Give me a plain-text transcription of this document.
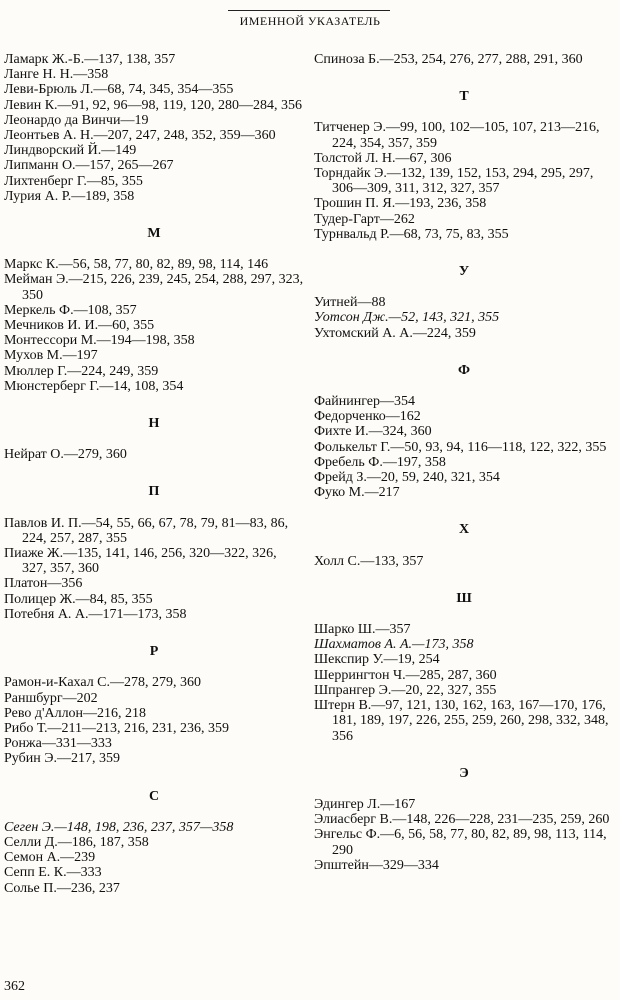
ИМЕННОЙ УКАЗАТЕЛЬ
Ламарк Ж.-Б.—137, 138, 357
Ланге Н. Н.—358
Леви-Брюль Л.—68, 74, 345, 354—355
Левин К.—91, 92, 96—98, 119, 120, 280—284, 356
Леонардо да Винчи—19
Леонтьев А. Н.—207, 247, 248, 352, 359—360
Линдворский Й.—149
Липманн О.—157, 265—267
Лихтенберг Г.—85, 355
Лурия А. Р.—189, 358
М
Маркс К.—56, 58, 77, 80, 82, 89, 98, 114, 146
Мейман Э.—215, 226, 239, 245, 254, 288, 297, 323, 350
Меркель Ф.—108, 357
Мечников И. И.—60, 355
Монтессори М.—194—198, 358
Мухов М.—197
Мюллер Г.—224, 249, 359
Мюнстерберг Г.—14, 108, 354
Н
Нейрат О.—279, 360
П
Павлов И. П.—54, 55, 66, 67, 78, 79, 81—83, 86, 224, 257, 287, 355
Пиаже Ж.—135, 141, 146, 256, 320—322, 326, 327, 357, 360
Платон—356
Полицер Ж.—84, 85, 355
Потебня А. А.—171—173, 358
Р
Рамон-и-Кахал С.—278, 279, 360
Раншбург—202
Рево д'Аллон—216, 218
Рибо Т.—211—213, 216, 231, 236, 359
Ронжа—331—333
Рубин Э.—217, 359
С
Сеген Э.—148, 198, 236, 237, 357—358
Селли Д.—186, 187, 358
Семон А.—239
Сепп Е. К.—333
Солье П.—236, 237
Спиноза Б.—253, 254, 276, 277, 288, 291, 360
Т
Титченер Э.—99, 100, 102—105, 107, 213—216, 224, 354, 357, 359
Толстой Л. Н.—67, 306
Торндайк Э.—132, 139, 152, 153, 294, 295, 297, 306—309, 311, 312, 327, 357
Трошин П. Я.—193, 236, 358
Тудер-Гарт—262
Турнвальд Р.—68, 73, 75, 83, 355
У
Уитней—88
Уотсон Дж.—52, 143, 321, 355
Ухтомский А. А.—224, 359
Ф
Файнингер—354
Федорченко—162
Фихте И.—324, 360
Фолькельт Г.—50, 93, 94, 116—118, 122, 322, 355
Фребель Ф.—197, 358
Фрейд З.—20, 59, 240, 321, 354
Фуко М.—217
Х
Холл С.—133, 357
Ш
Шарко Ш.—357
Шахматов А. А.—173, 358
Шекспир У.—19, 254
Шеррингтон Ч.—285, 287, 360
Шпрангер Э.—20, 22, 327, 355
Штерн В.—97, 121, 130, 162, 163, 167—170, 176, 181, 189, 197, 226, 255, 259, 260, 298, 332, 348, 356
Э
Эдингер Л.—167
Элиасберг В.—148, 226—228, 231—235, 259, 260
Энгельс Ф.—6, 56, 58, 77, 80, 82, 89, 98, 113, 114, 290
Эпштейн—329—334
362
